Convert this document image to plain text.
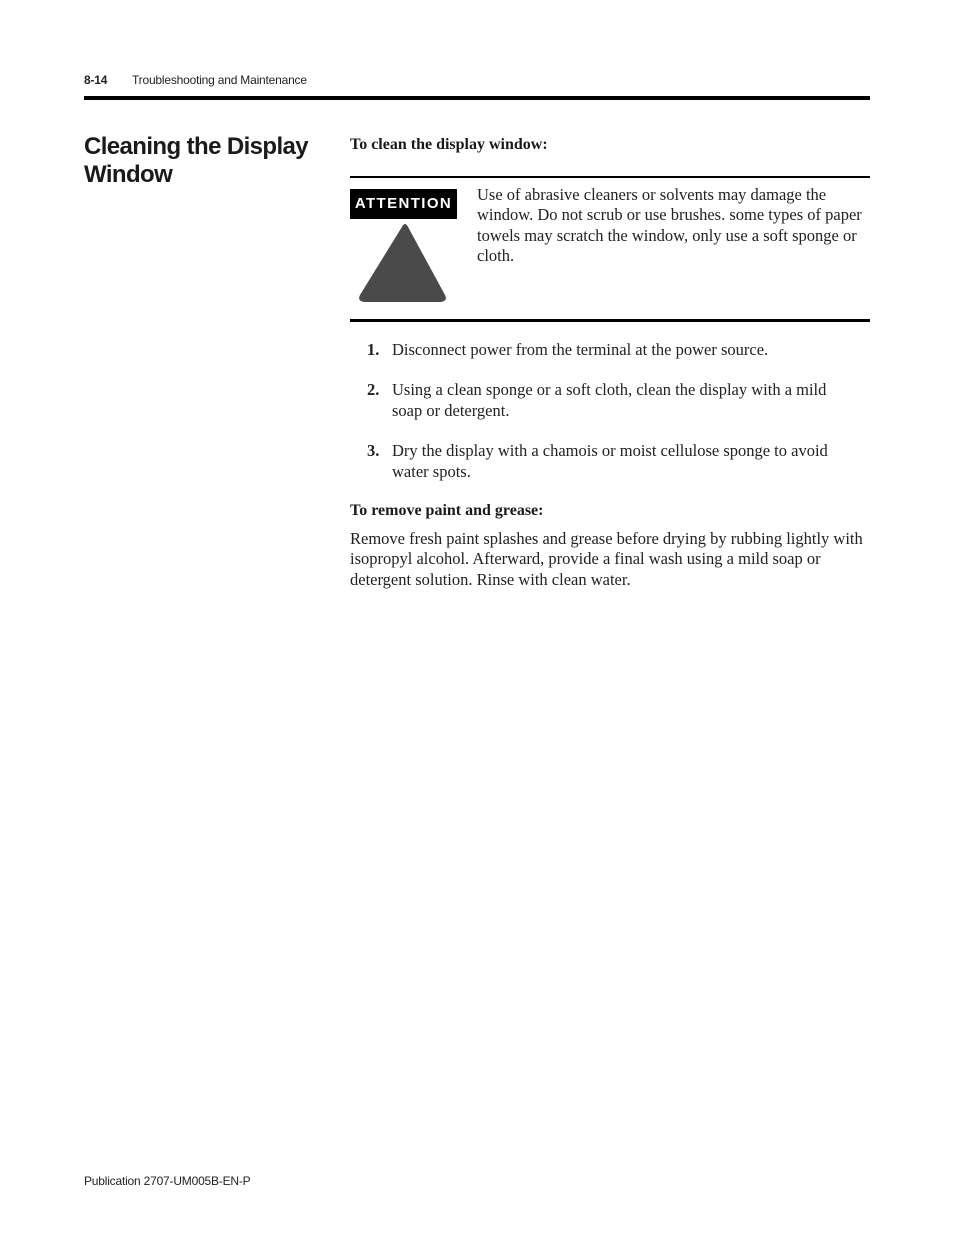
8-14 Troubleshooting and Maintenance
Cleaning the Display Window
To clean the display window:
ATTENTION Use of abrasive cleaners or solvents may damage the window. Do not scrub or use brushes. some types of paper towels may scratch the window, only use a soft sponge or cloth.

1. Disconnect power from the terminal at the power source.
2. Using a clean sponge or a soft cloth, clean the display with a mild soap or detergent.
3. Dry the display with a chamois or moist cellulose sponge to avoid water spots.
To remove paint and grease:

Remove fresh paint splashes and grease before drying by rubbing lightly with isopropyl alcohol. Afterward, provide a final wash using a mild soap or detergent solution. Rinse with clean water.

Publication 2707-UM005B-EN-P
